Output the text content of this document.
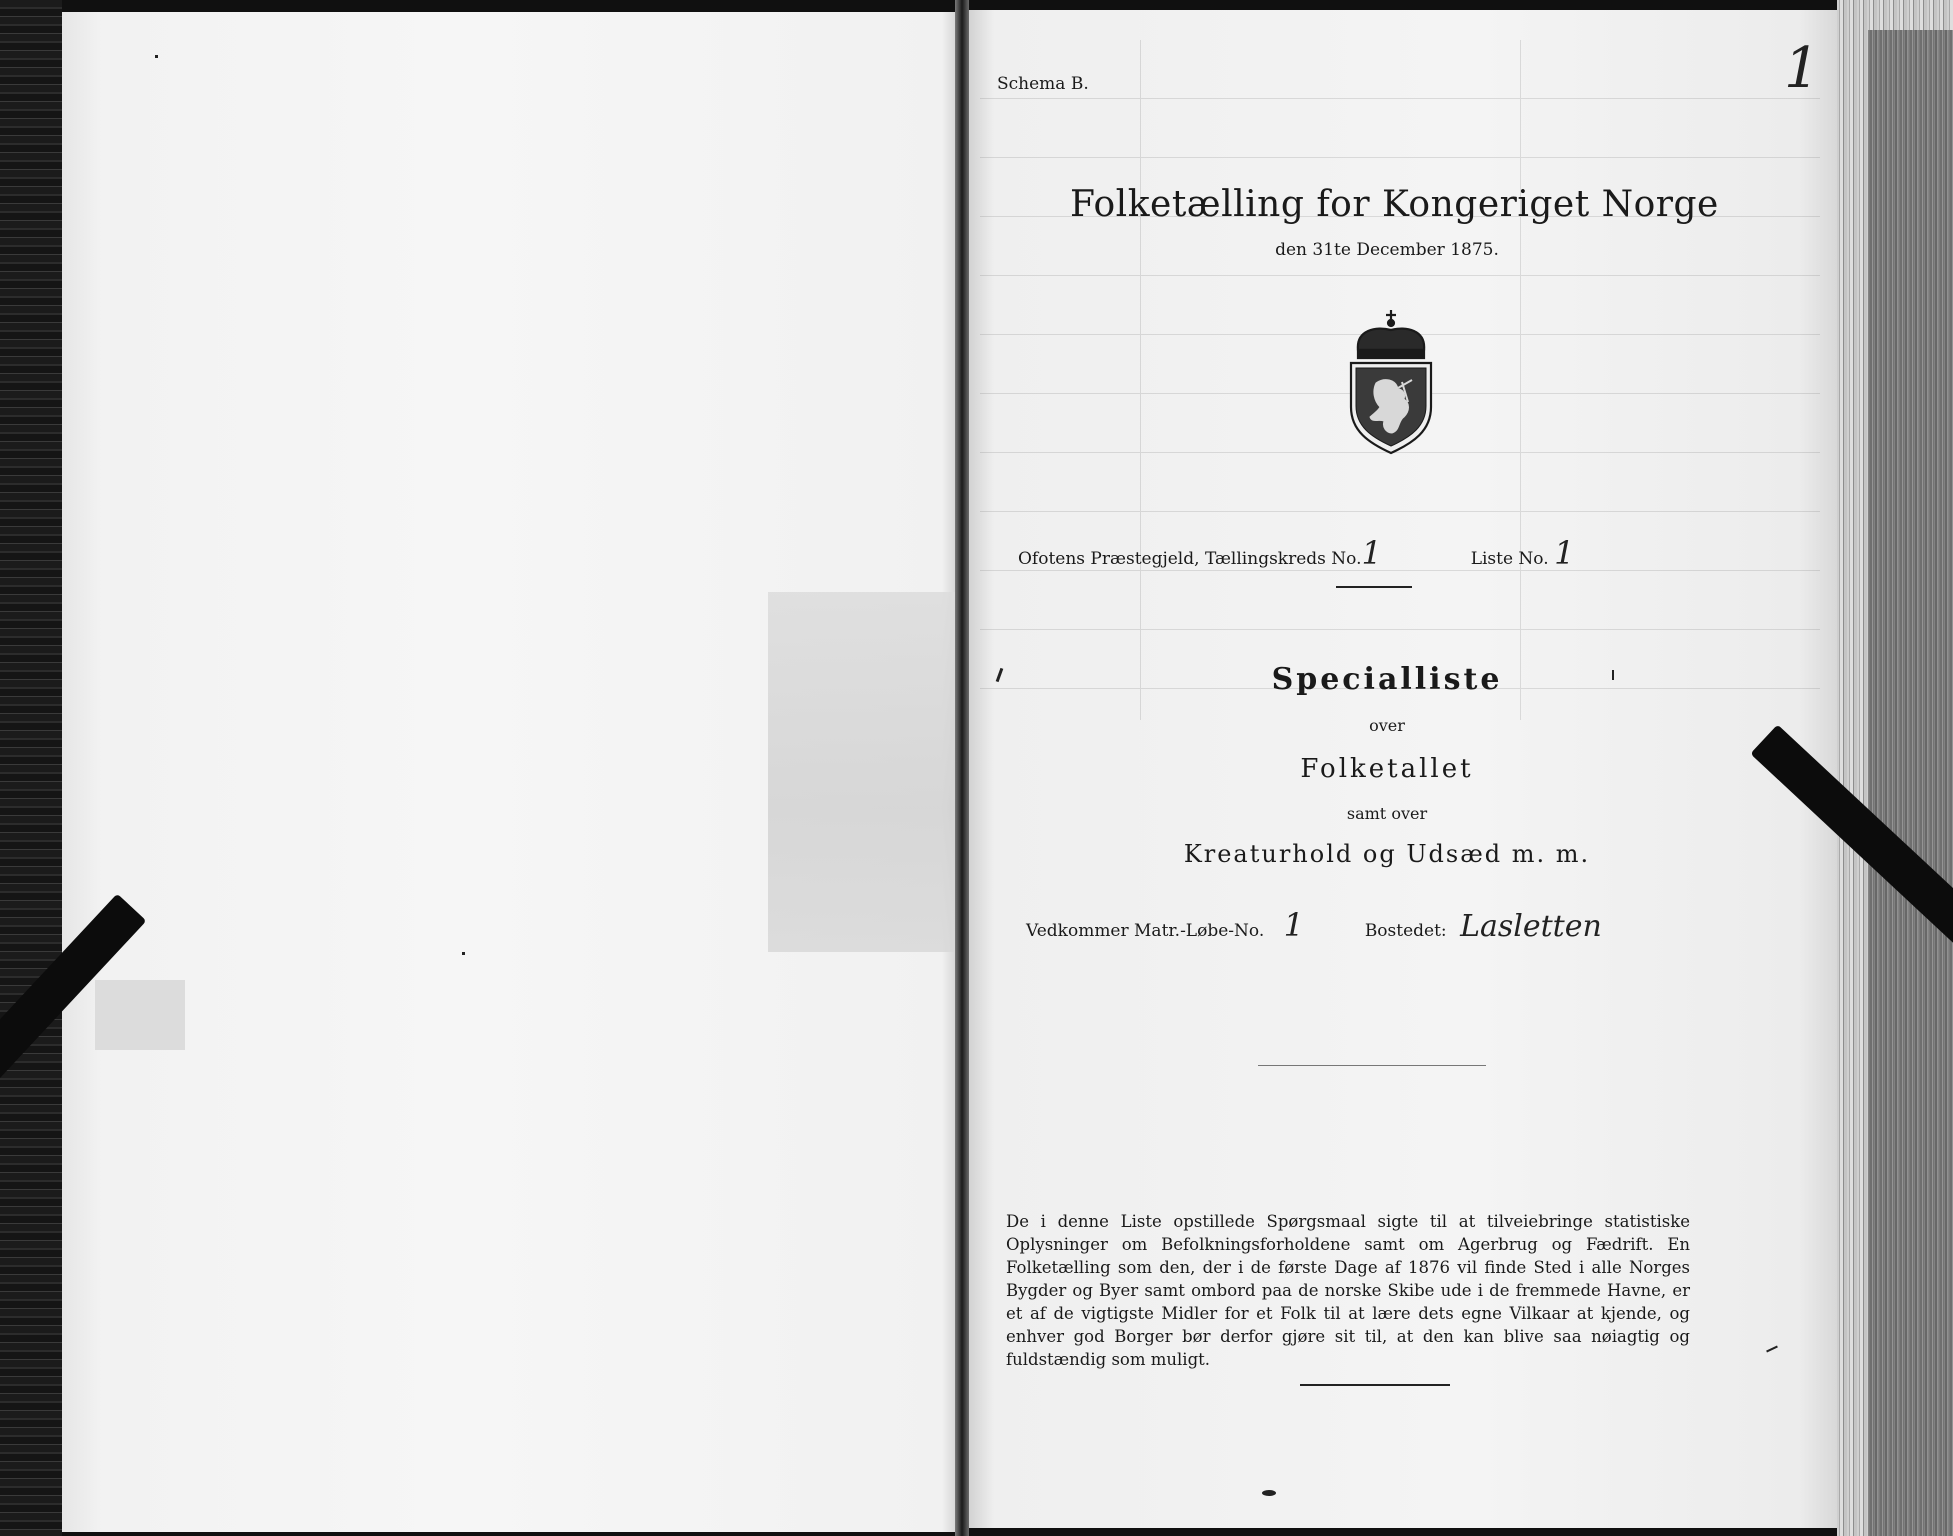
Schema B.	1
Folketælling for Kongeriget Norge
den 31te December 1875.
Ofotens Præstegjeld, Tællingskreds No.1	Liste No. 1
Specialliste
over
Folketallet
samt over
Kreaturhold og Udsæd m. m.
Vedkommer Matr.-Løbe-No. 1	Bostedet: Lasletten
De i denne Liste opstillede Spørgsmaal sigte til at tilveiebringe statistiske Oplysninger om Befolkningsforholdene samt om Agerbrug og Fædrift. En Folketælling som den, der i de første Dage af 1876 vil finde Sted i alle Norges Bygder og Byer samt ombord paa de norske Skibe ude i de fremmede Havne, er et af de vigtigste Midler for et Folk til at lære dets egne Vilkaar at kjende, og enhver god Borger bør derfor gjøre sit til, at den kan blive saa nøiagtig og fuldstændig som muligt.
